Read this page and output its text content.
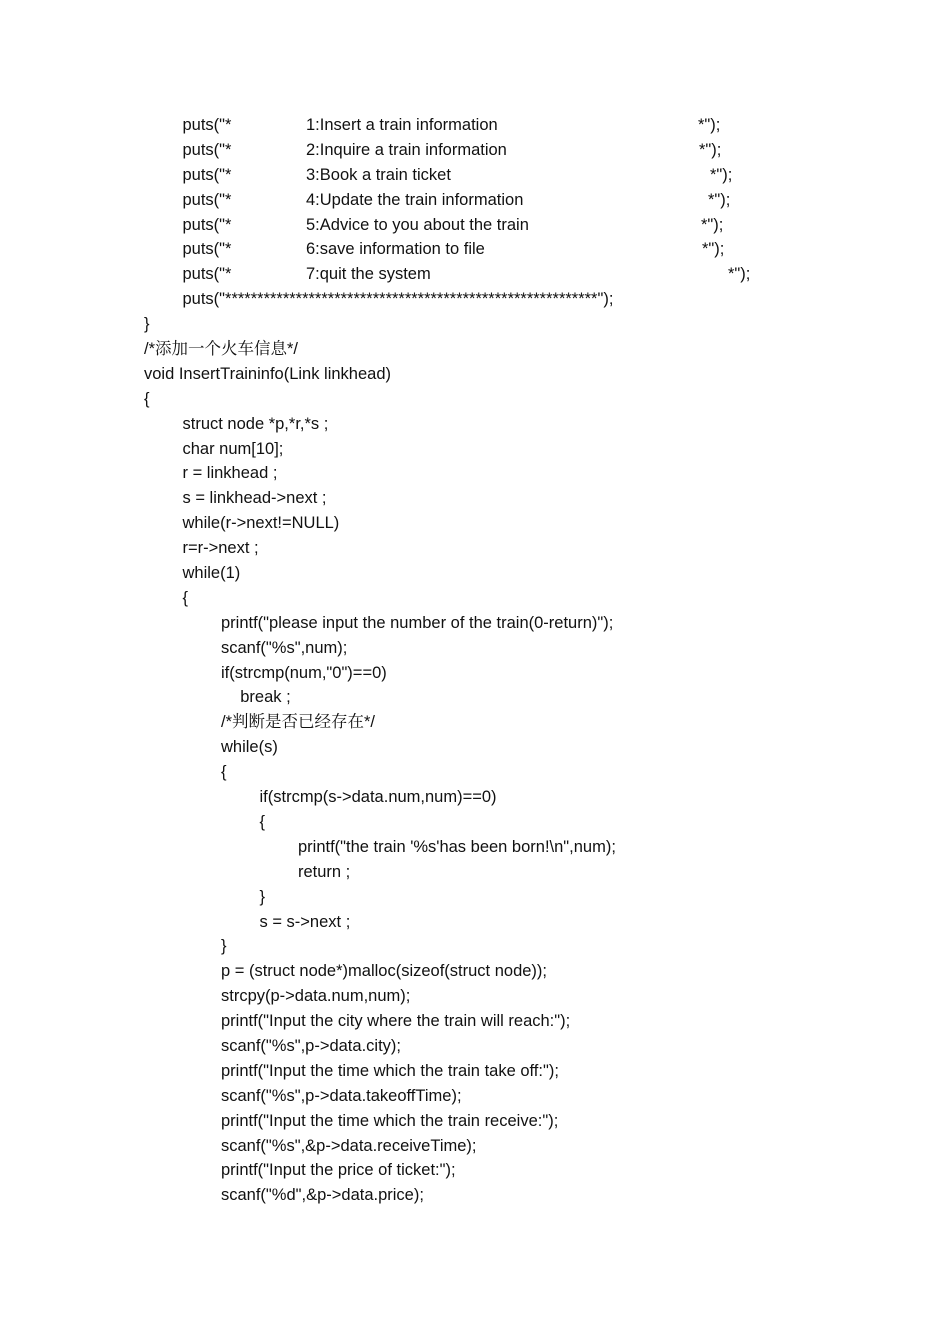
puts("*	1:Insert a train information	*");
puts("*	2:Inquire a train information	*");
puts("*	3:Book a train ticket	*");
puts("*	4:Update the train information	*");
puts("*	5:Advice to you about the train	*");
puts("*	6:save information to file	*");
puts("*	7:quit the system	*");
puts("**********************************************************");
}
/*添加一个火车信息*/
void InsertTraininfo(Link linkhead)
{
struct node *p,*r,*s ;
char num[10];
r = linkhead ;
s = linkhead->next ;
while(r->next!=NULL)
r=r->next ;
while(1)
{
printf("please input the number of the train(0-return)");
scanf("%s",num);
if(strcmp(num,"0")==0)
break ;
/*判断是否已经存在*/
while(s)
{
if(strcmp(s->data.num,num)==0)
{
printf("the train '%s'has been born!\n",num);
return ;
}
s = s->next ;
}
p = (struct node*)malloc(sizeof(struct node));
strcpy(p->data.num,num);
printf("Input the city where the train will reach:");
scanf("%s",p->data.city);
printf("Input the time which the train take off:");
scanf("%s",p->data.takeoffTime);
printf("Input the time which the train receive:");
scanf("%s",&p->data.receiveTime);
printf("Input the price of ticket:");
scanf("%d",&p->data.price);
